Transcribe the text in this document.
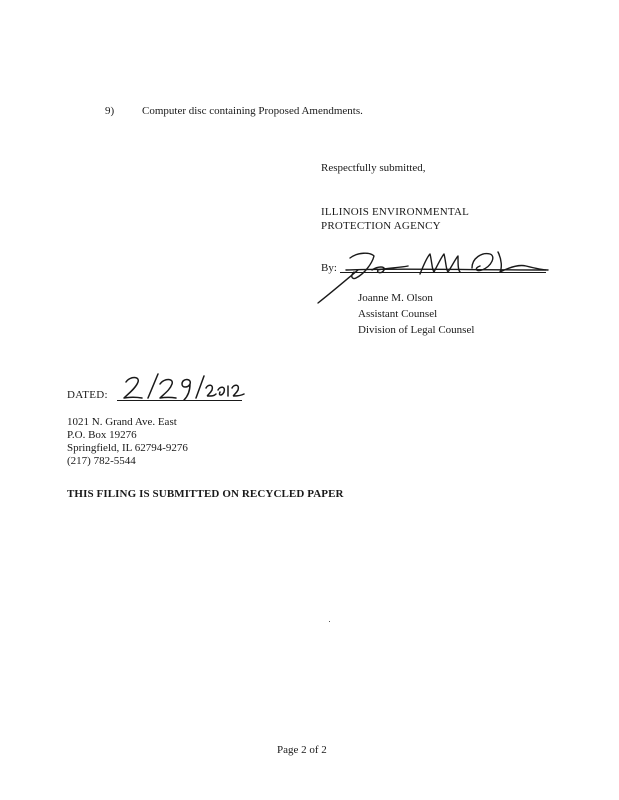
9)	Computer disc containing Proposed Amendments.
Respectfully submitted,
ILLINOIS ENVIRONMENTAL
PROTECTION AGENCY
By:
Joanne M. Olson
Assistant Counsel
Division of Legal Counsel
DATED:
1021 N. Grand Ave. East
P.O. Box 19276
Springfield, IL 62794-9276
(217) 782-5544
THIS FILING IS SUBMITTED ON RECYCLED PAPER
Page 2 of 2
